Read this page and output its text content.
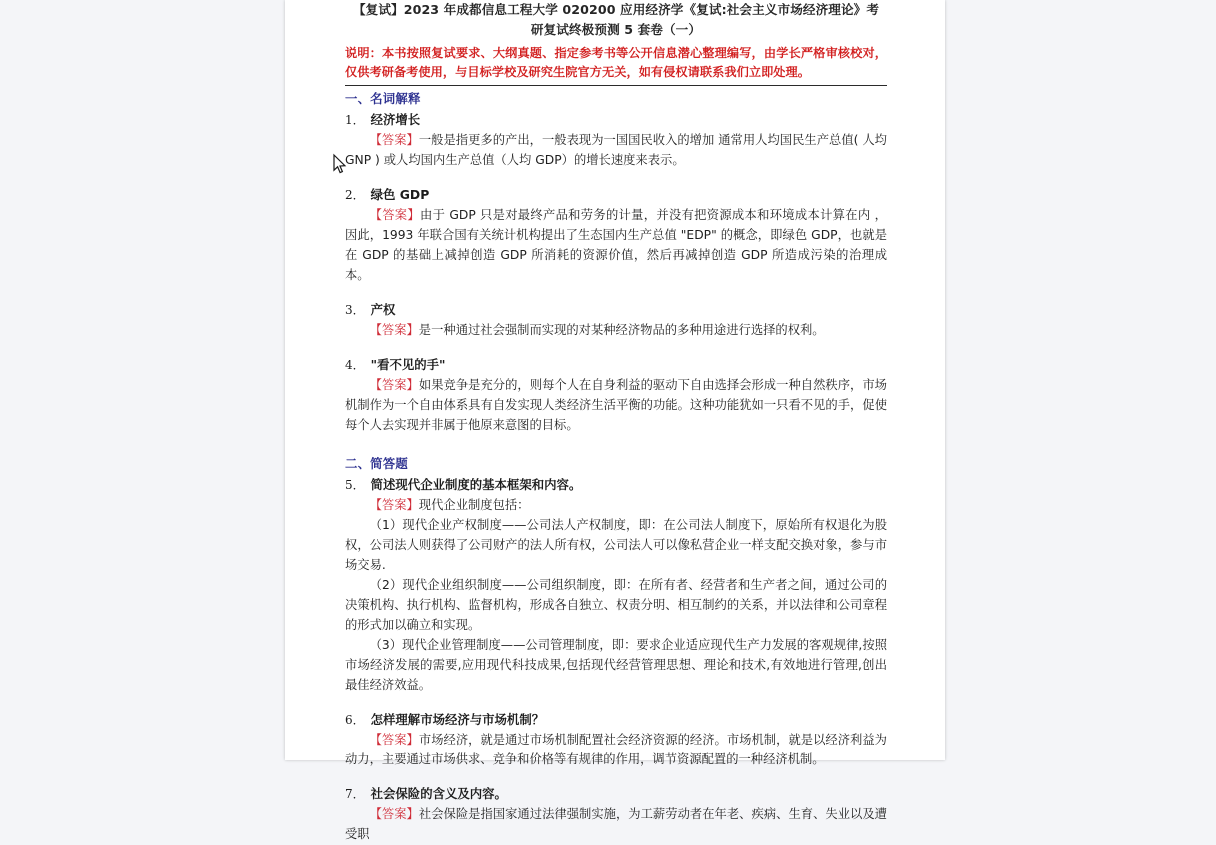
【复试】2023 年成都信息工程大学 020200 应用经济学《复试:社会主义市场经济理论》考
研复试终极预测 5 套卷（一）

说明：本书按照复试要求、大纲真题、指定参考书等公开信息潜心整理编写，由学长严格审核校对，仅供考研备考使用，与目标学校及研究生院官方无关，如有侵权请联系我们立即处理。

一、名词解释
1． 经济增长

【答案】一般是指更多的产出，一般表现为一国国民收入的增加 通常用人均国民生产总值( 人均 GNP ) 或人均国内生产总值（人均 GDP）的增长速度来表示。

2． 绿色 GDP

【答案】由于 GDP 只是对最终产品和劳务的计量，并没有把资源成本和环境成本计算在内 ，因此，1993 年联合国有关统计机构提出了生态国内生产总值 "EDP" 的概念，即绿色 GDP，也就是在 GDP 的基础上减掉创造 GDP 所消耗的资源价值，然后再减掉创造 GDP 所造成污染的治理成本。

3． 产权

【答案】是一种通过社会强制而实现的对某种经济物品的多种用途进行选择的权利。

4． "看不见的手"

【答案】如果竞争是充分的，则每个人在自身利益的驱动下自由选择会形成一种自然秩序，市场机制作为一个自由体系具有自发实现人类经济生活平衡的功能。这种功能犹如一只看不见的手，促使每个人去实现并非属于他原来意图的目标。

二、简答题
5． 简述现代企业制度的基本框架和内容。

【答案】现代企业制度包括：

（1）现代企业产权制度——公司法人产权制度，即：在公司法人制度下，原始所有权退化为股权，公司法人则获得了公司财产的法人所有权，公司法人可以像私营企业一样支配交换对象，参与市场交易.

（2）现代企业组织制度——公司组织制度，即：在所有者、经营者和生产者之间，通过公司的决策机构、执行机构、监督机构，形成各自独立、权责分明、相互制约的关系，并以法律和公司章程的形式加以确立和实现。

（3）现代企业管理制度——公司管理制度，即：要求企业适应现代生产力发展的客观规律,按照市场经济发展的需要,应用现代科技成果,包括现代经营管理思想、理论和技术,有效地进行管理,创出最佳经济效益。

6． 怎样理解市场经济与市场机制？

【答案】市场经济，就是通过市场机制配置社会经济资源的经济。市场机制，就是以经济利益为动力，主要通过市场供求、竞争和价格等有规律的作用，调节资源配置的一种经济机制。

7． 社会保险的含义及内容。

【答案】社会保险是指国家通过法律强制实施，为工薪劳动者在年老、疾病、生育、失业以及遭受职
